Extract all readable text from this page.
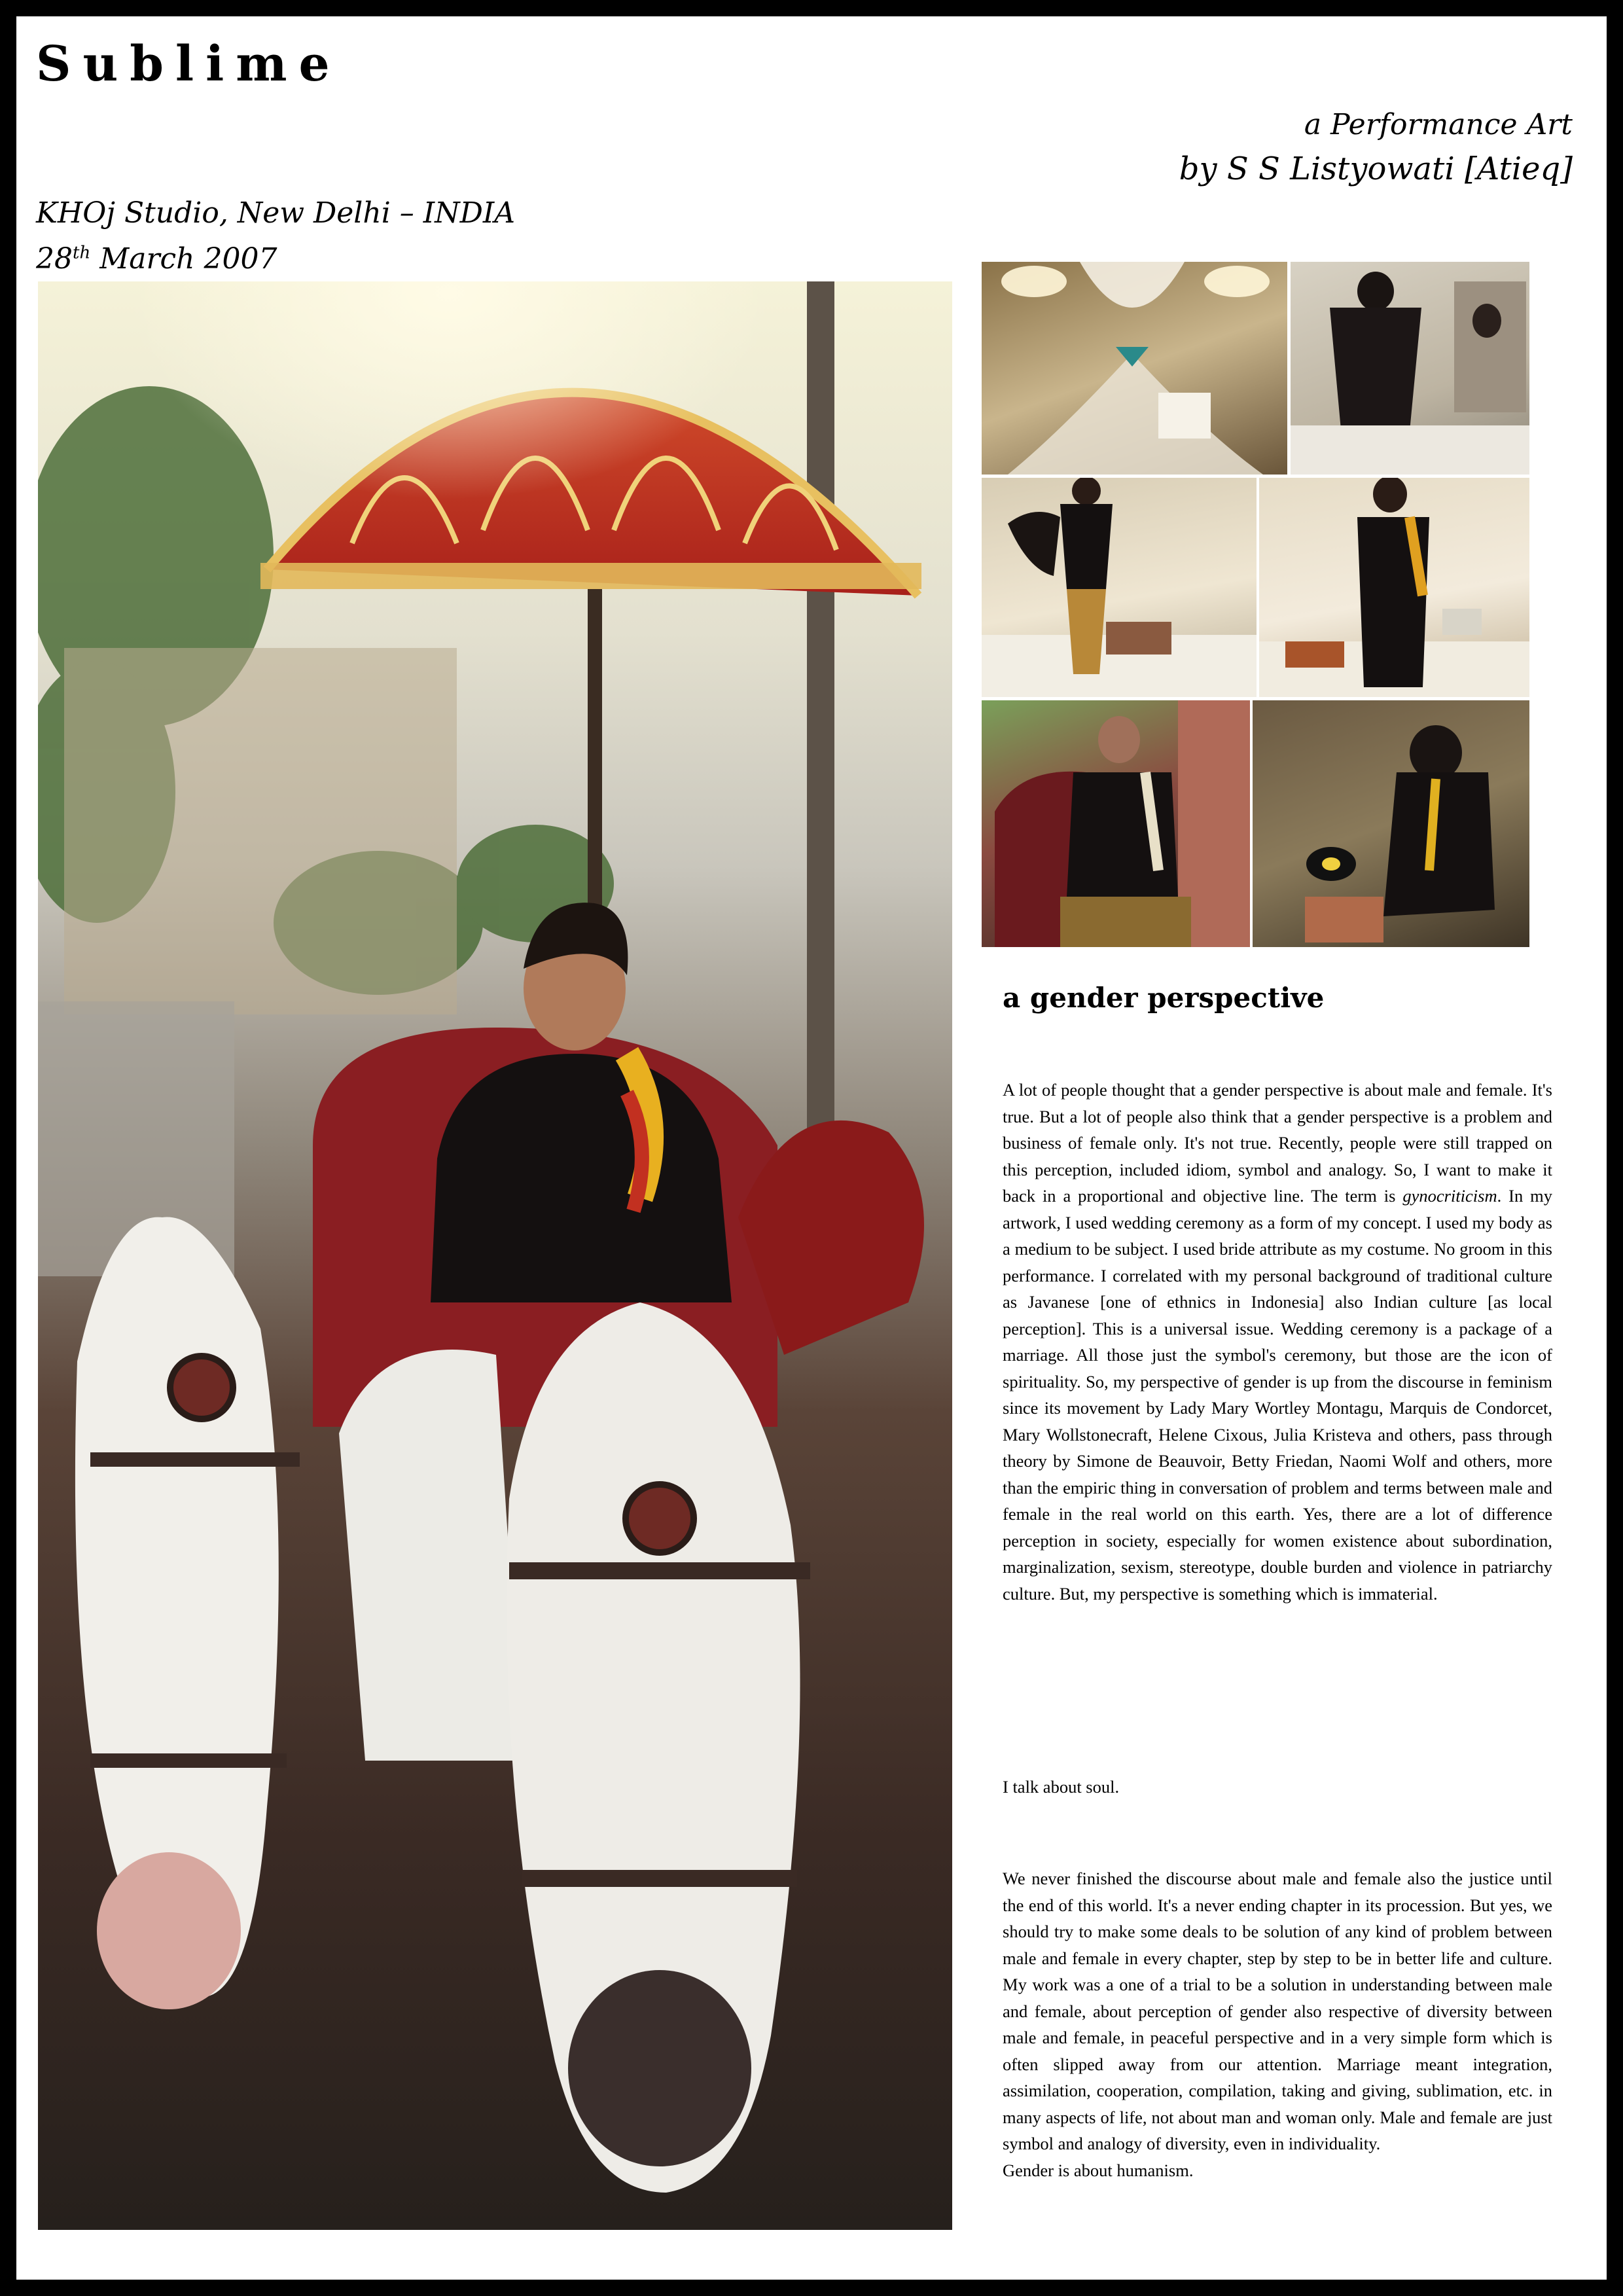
Sublime
a Performance Art
by S S Listyowati [Atieq]
KHOj Studio, New Delhi – INDIA
28th March 2007
a gender perspective

A lot of people thought that a gender perspective is about male and female. It's true. But a lot of people also think that a gender perspective is a problem and business of female only. It's not true. Recently, people were still trapped on this perception, included idiom, symbol and analogy. So, I want to make it back in a proportional and objective line. The term is gynocriticism. In my artwork, I used wedding ceremony as a form of my concept. I used my body as a medium to be subject. I used bride attribute as my costume. No groom in this performance. I correlated with my personal background of traditional culture as Javanese [one of ethnics in Indonesia] also Indian culture [as local perception]. This is a universal issue. Wedding ceremony is a package of a marriage. All those just the symbol's ceremony, but those are the icon of spirituality. So, my perspective of gender is up from the discourse in feminism since its movement by Lady Mary Wortley Montagu, Marquis de Condorcet, Mary Wollstonecraft, Helene Cixous, Julia Kristeva and others, pass through theory by Simone de Beauvoir, Betty Friedan, Naomi Wolf and others, more than the empiric thing in conversation of problem and terms between male and female in the real world on this earth. Yes, there are a lot of difference perception in society, especially for women existence about subordination, marginalization, sexism, stereotype, double burden and violence in patriarchy culture. But, my perspective is something which is immaterial.

I talk about soul.

We never finished the discourse about male and female also the justice until the end of this world. It's a never ending chapter in its procession. But yes, we should try to make some deals to be solution of any kind of problem between male and female in every chapter, step by step to be in better life and culture. My work was a one of a trial to be a solution in understanding between male and female, about perception of gender also respective of diversity between male and female, in peaceful perspective and in a very simple form which is often slipped away from our attention. Marriage meant integration, assimilation, cooperation, compilation, taking and giving, sublimation, etc. in many aspects of life, not about man and woman only. Male and female are just symbol and analogy of diversity, even in individuality.
Gender is about humanism.
